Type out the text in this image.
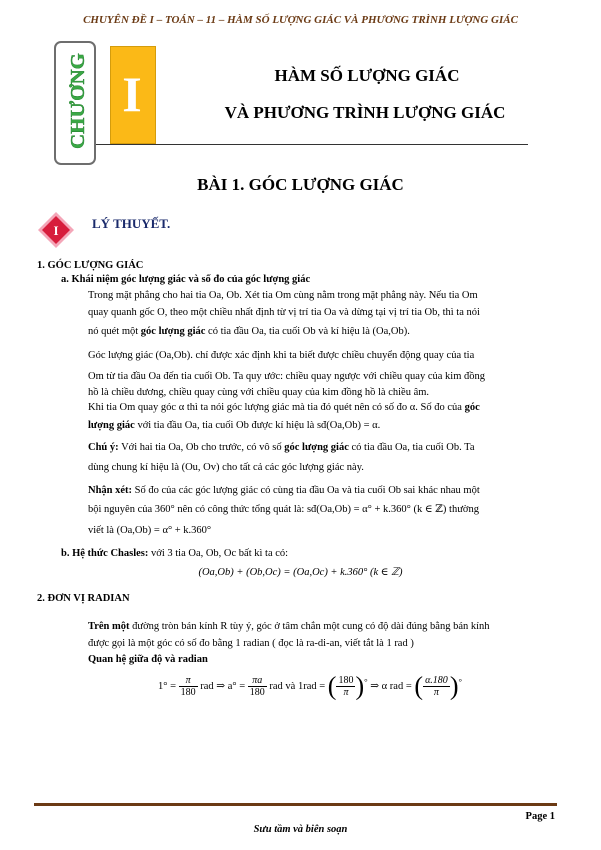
CHUYÊN ĐỀ I – TOÁN – 11 – HÀM SỐ LƯỢNG GIÁC VÀ PHƯƠNG TRÌNH LƯỢNG GIÁC
CHƯƠNG I	HÀM SỐ LƯỢNG GIÁC
VÀ PHƯƠNG TRÌNH LƯỢNG GIÁC
BÀI 1. GÓC LƯỢNG GIÁC
I	LÝ THUYẾT.
1. GÓC LƯỢNG GIÁC
a. Khái niệm góc lượng giác và số đo của góc lượng giác
Trong mặt phẳng cho hai tia Oa, Ob. Xét tia Om cùng nằm trong mặt phẳng này. Nếu tia Om
quay quanh gốc O, theo một chiều nhất định từ vị trí tia Oa và dừng tại vị trí tia Ob, thì ta nói
nó quét một góc lượng giác có tia đầu Oa, tia cuối Ob và kí hiệu là (Oa,Ob).
Góc lượng giác (Oa,Ob). chỉ được xác định khi ta biết được chiều chuyển động quay của tia
Om từ tia đầu Oa đến tia cuối Ob. Ta quy ước: chiều quay ngược với chiều quay của kim đồng
hồ là chiều dương, chiều quay cùng với chiều quay của kim đồng hồ là chiều âm.
Khi tia Om quay góc α thì ta nói góc lượng giác mà tia đó quét nên có số đo α. Số đo của góc
lượng giác với tia đầu Oa, tia cuối Ob được kí hiệu là sđ(Oa,Ob) = α.
Chú ý: Với hai tia Oa, Ob cho trước, có vô số góc lượng giác có tia đầu Oa, tia cuối Ob. Ta
dùng chung kí hiệu là (Ou, Ov) cho tất cả các góc lượng giác này.
Nhận xét: Số đo của các góc lượng giác có cùng tia đầu Oa và tia cuối Ob sai khác nhau một
bội nguyên của 360° nên có công thức tổng quát là: sđ(Oa,Ob) = α° + k.360° (k ∈ ℤ) thường
viết là (Oa,Ob) = α° + k.360°
b. Hệ thức Chasles: với 3 tia Oa, Ob, Oc bất kì ta có:
(Oa,Ob) + (Ob,Oc) = (Oa,Oc) + k.360° (k ∈ ℤ)
2. ĐƠN VỊ RADIAN
Trên một đường tròn bán kính R tùy ý, góc ở tâm chắn một cung có độ dài đúng bằng bán kính
được gọi là một góc có số đo bằng 1 radian ( đọc là ra-di-an, viết tắt là 1 rad )
Quan hệ giữa độ và radian
$1^\circ = \frac{\pi}{180}$ rad ⇒ $a^\circ = \frac{\pi a}{180}$ rad và 1rad = ( $\frac{180}{\pi} )^\circ$ ⇒ α rad = ( $\frac{\alpha.180}{\pi} )^\circ$
Page 1
Sưu tầm và biên soạn
